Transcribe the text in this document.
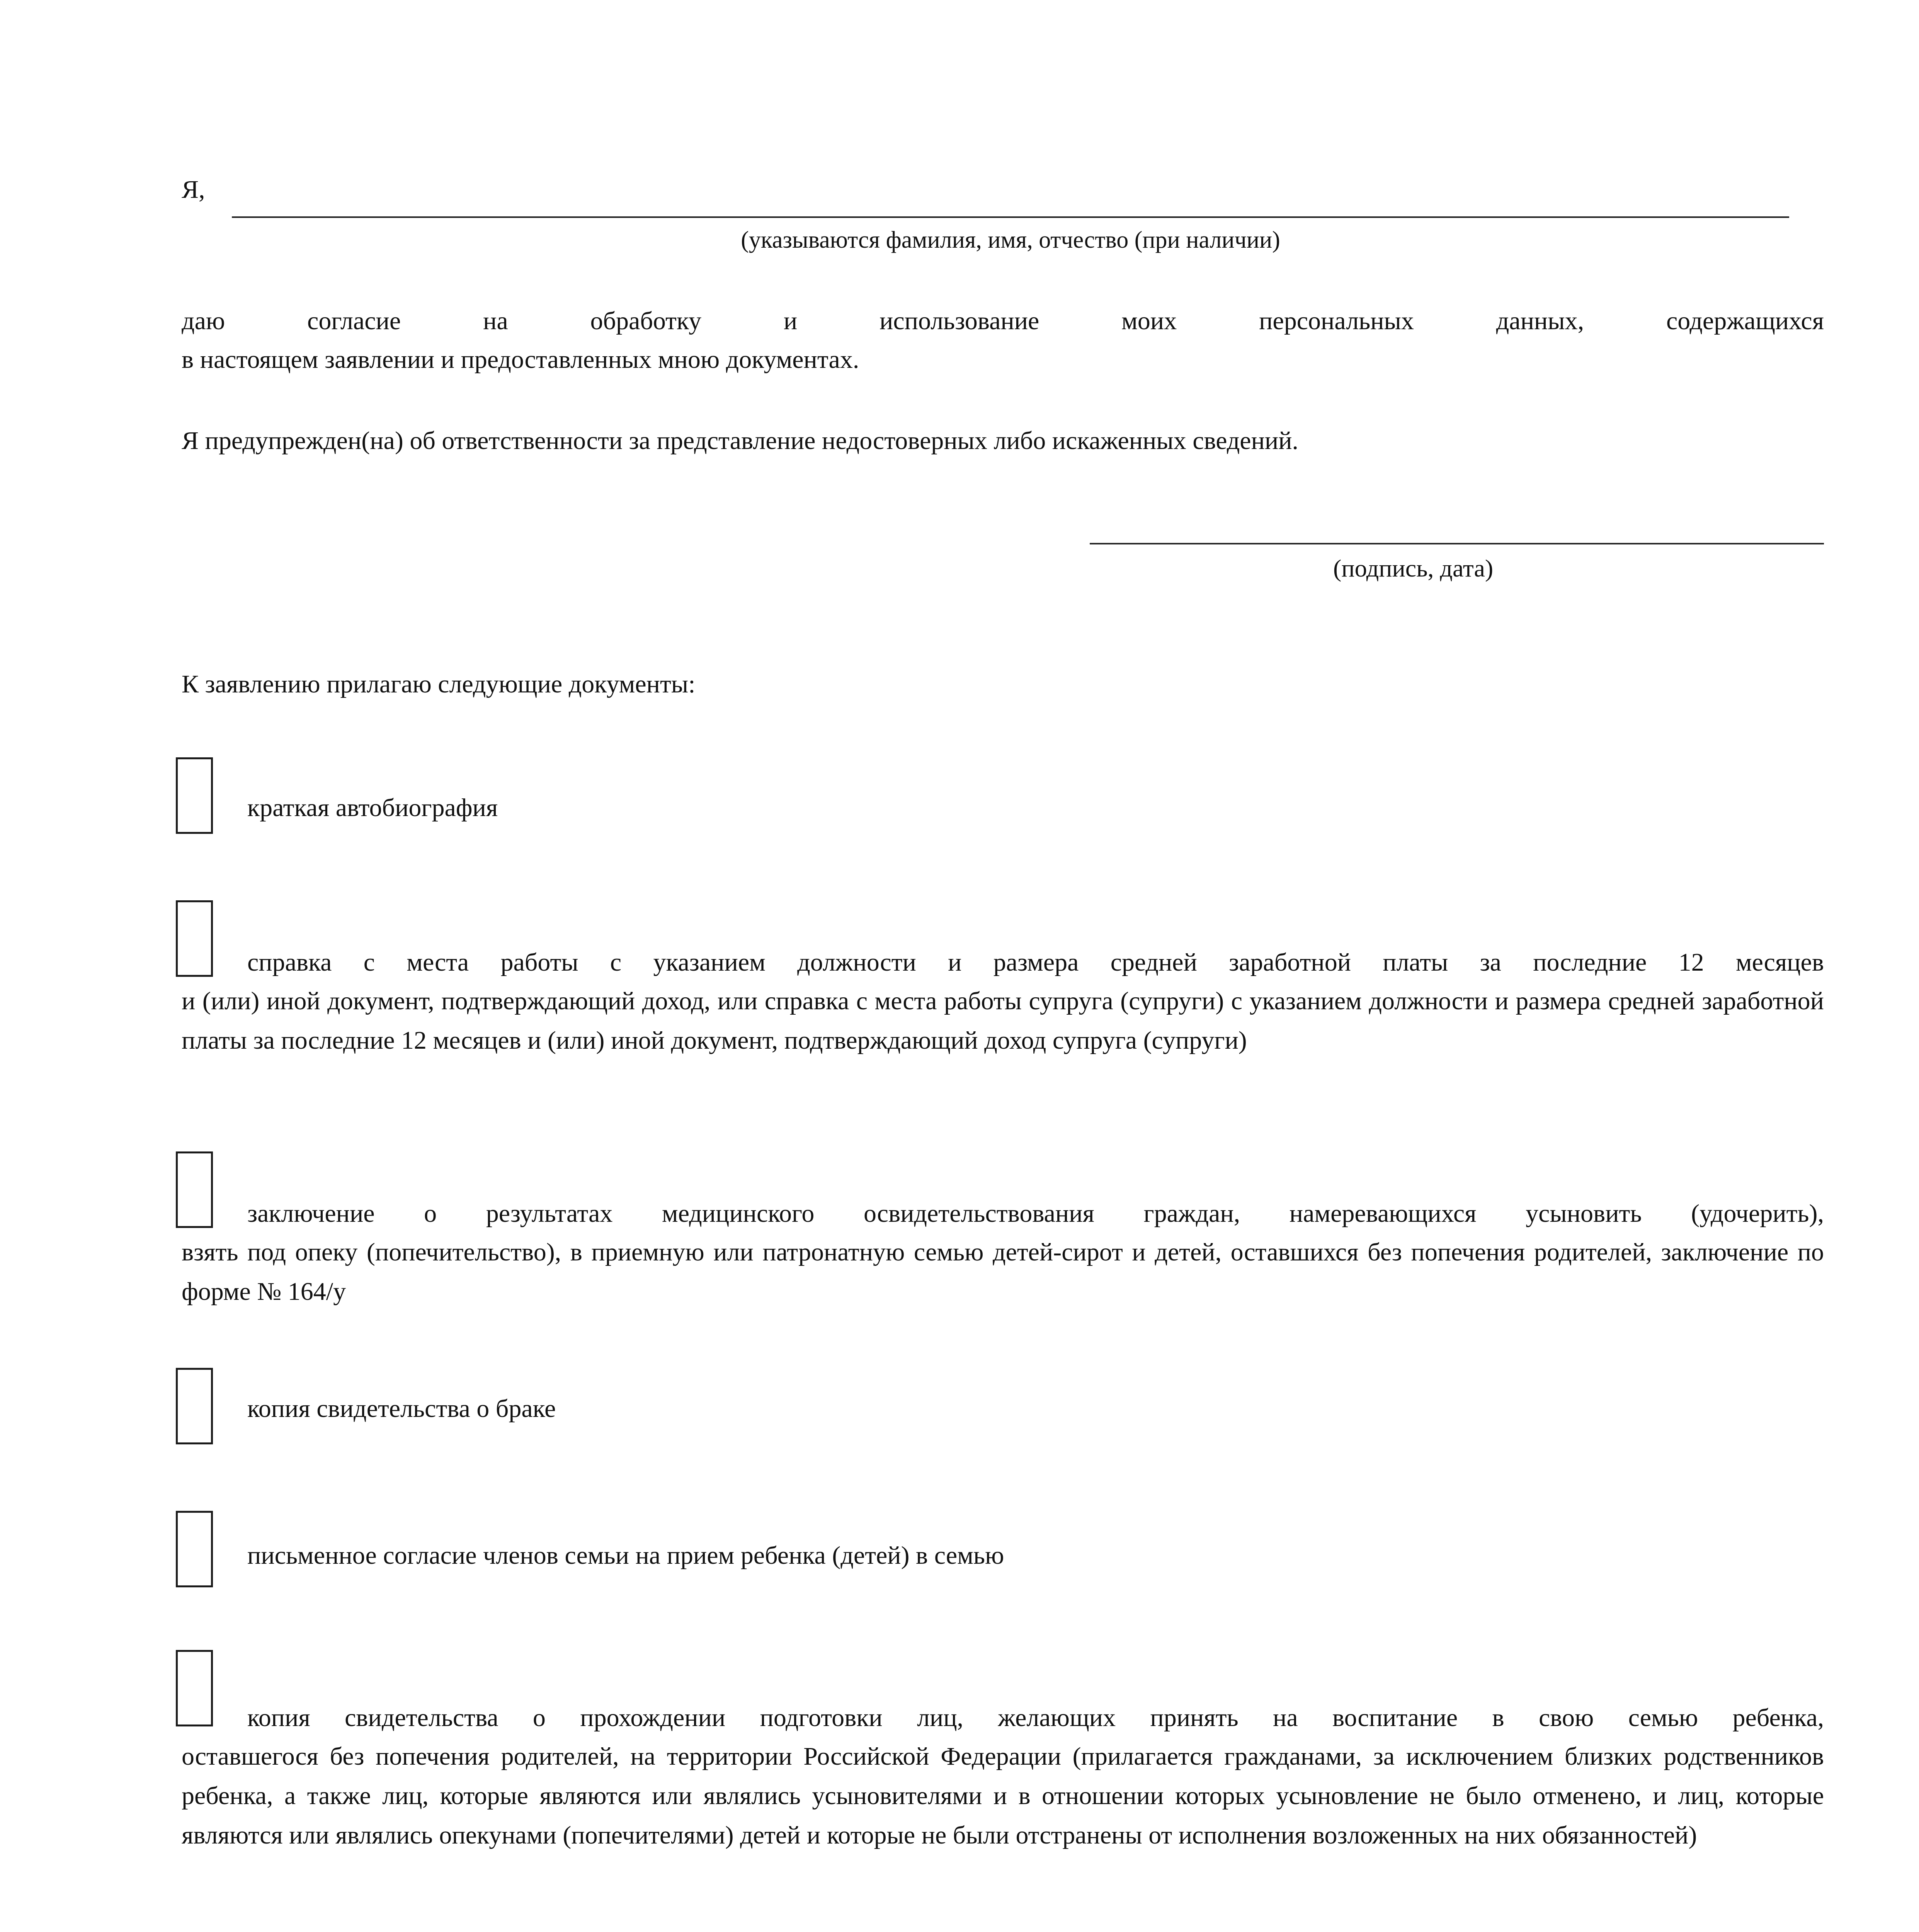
Я,
(указываются фамилия, имя, отчество (при наличии)
даю согласие на обработку и использование моих персональных данных, содержащихся
в настоящем заявлении и предоставленных мною документах.
Я предупрежден(на) об ответственности за представление недостоверных либо искаженных сведений.
(подпись, дата)
К заявлению прилагаю следующие документы:
краткая автобиография
справка с места работы с указанием должности и размера средней заработной платы за последние 12 месяцев
и (или) иной документ, подтверждающий доход, или справка с места работы супруга (супруги) с указанием должности и размера средней заработной платы за последние 12 месяцев и (или) иной документ, подтверждающий доход супруга (супруги)
заключение о результатах медицинского освидетельствования граждан, намеревающихся усыновить (удочерить),
взять под опеку (попечительство), в приемную или патронатную семью детей-сирот и детей, оставшихся без попечения родителей, заключение по форме № 164/у
копия свидетельства о браке
письменное согласие членов семьи на прием ребенка (детей) в семью
копия свидетельства о прохождении подготовки лиц, желающих принять на воспитание в свою семью ребенка,
оставшегося без попечения родителей, на территории Российской Федерации (прилагается гражданами, за исключением близких родственников ребенка, а также лиц, которые являются или являлись усыновителями и в отношении которых усыновление не было отменено, и лиц, которые являются или являлись опекунами (попечителями) детей и которые не были отстранены от исполнения возложенных на них обязанностей)
